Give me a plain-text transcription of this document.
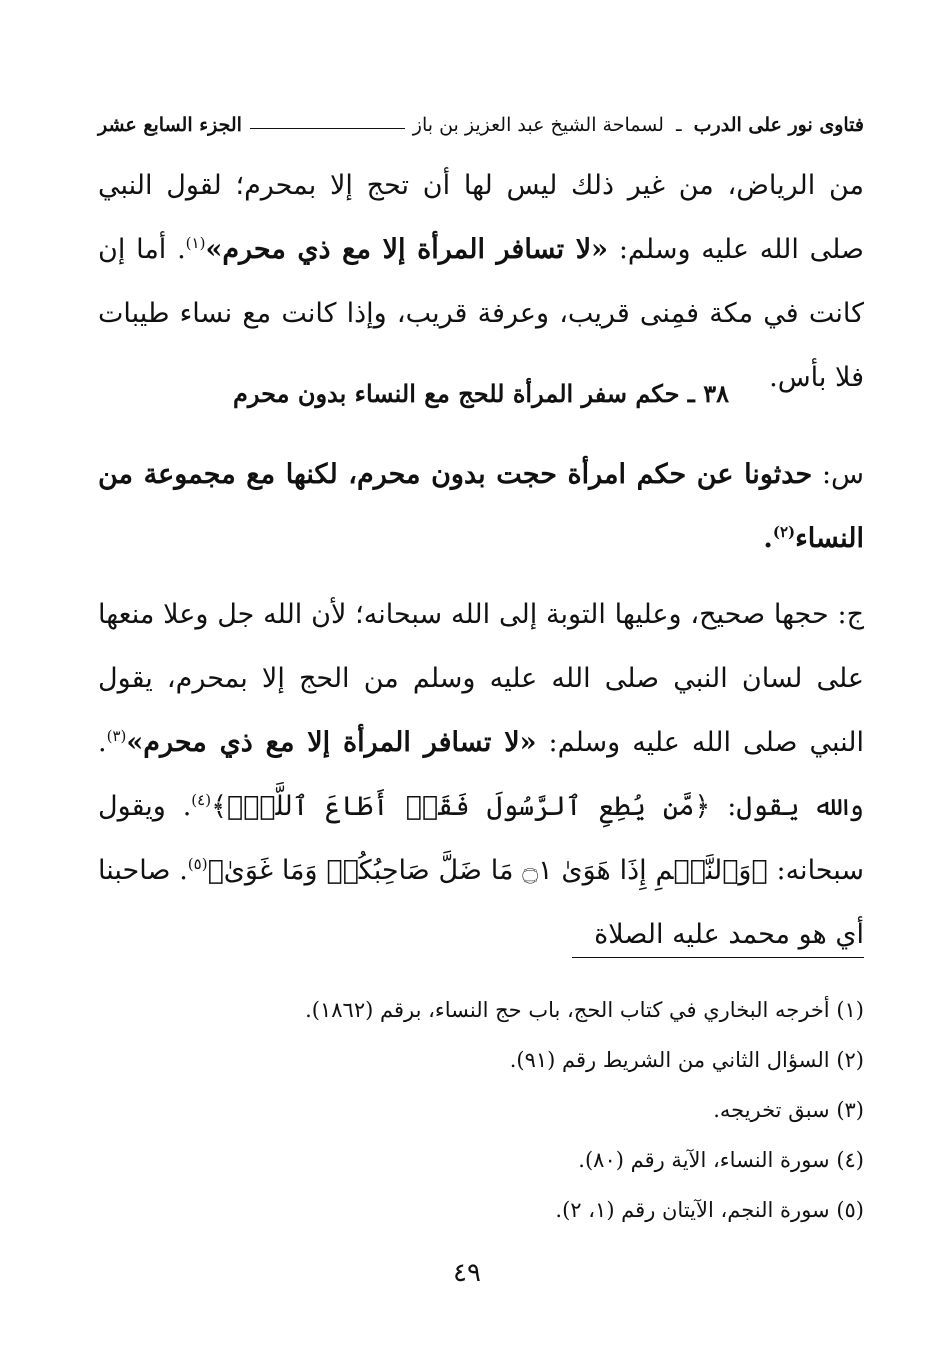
فتاوى نور على الدرب ـ لسماحة الشيخ عبد العزيز بن باز
الجزء السابع عشر
من الرياض، من غير ذلك ليس لها أن تحج إلا بمحرم؛ لقول النبي صلى الله عليه وسلم: «لا تسافر المرأة إلا مع ذي محرم»$^{(١)}$. أما إن كانت في مكة فمِنى قريب، وعرفة قريب، وإذا كانت مع نساء طيبات فلا بأس.
٣٨ ـ حكم سفر المرأة للحج مع النساء بدون محرم
س: حدثونا عن حكم امرأة حجت بدون محرم، لكنها مع مجموعة من النساء$^{(٢)}$.
ج: حجها صحيح، وعليها التوبة إلى الله سبحانه؛ لأن الله جل وعلا منعها على لسان النبي صلى الله عليه وسلم من الحج إلا بمحرم، يقول النبي صلى الله عليه وسلم: «لا تسافر المرأة إلا مع ذي محرم»$^{(٣)}$. والله يقول: ﴿مَّن يُطِعِ ٱلرَّسُولَ فَقَدۡ أَطَاعَ ٱللَّهَۖ﴾$^{(٤)}$. ويقول سبحانه: ﴿وَٱلنَّجۡمِ إِذَا هَوَىٰ ۝١ مَا ضَلَّ صَاحِبُكُمۡ وَمَا غَوَىٰ﴾$^{(٥)}$. صاحبنا أي هو محمد عليه الصلاة
(١) أخرجه البخاري في كتاب الحج، باب حج النساء، برقم (١٨٦٢).
(٢) السؤال الثاني من الشريط رقم (٩١).
(٣) سبق تخريجه.
(٤) سورة النساء، الآية رقم (٨٠).
(٥) سورة النجم، الآيتان رقم (١، ٢).
٤٩
